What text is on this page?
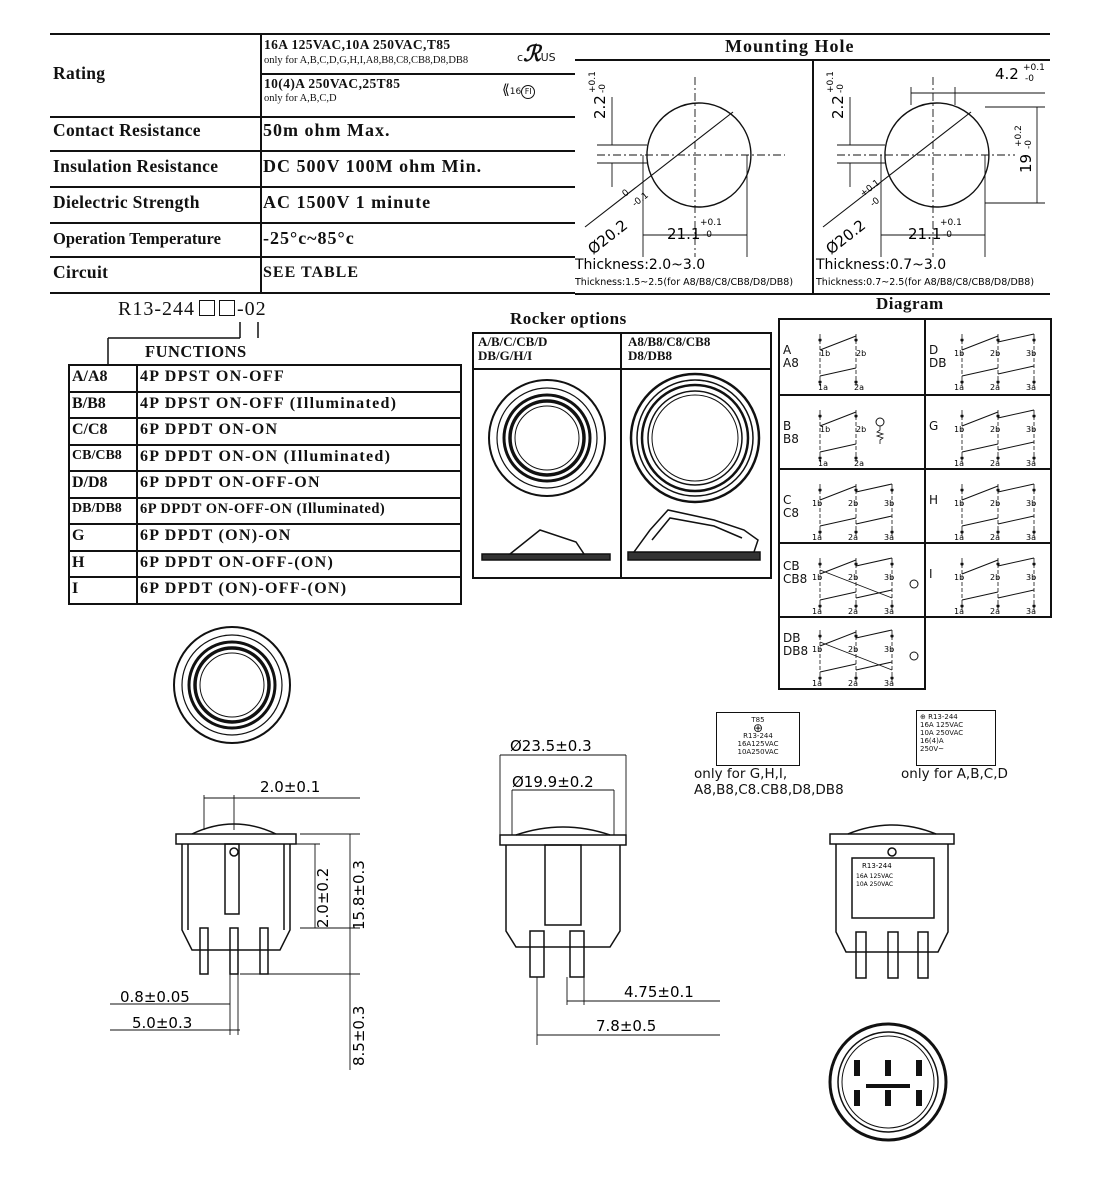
Rating
16A 125VAC,10A 250VAC,T85
only for A,B,C,D,G,H,I,A8,B8,C8,CB8,D8,DB8	cℛUS
10(4)A 250VAC,25T85
only for A,B,C,D
⟪16 FI
Contact Resistance	50m ohm Max.
Insulation Resistance DC 500V 100M ohm Min.
Dielectric Strength	AC 1500V 1 minute
Operation Temperature -25°c~85°c
Circuit	SEE TABLE
Mounting Hole
2.2
+0.1 -0
Ø20.2
0 -0.1
21.1
+0.1
-0
Thickness:2.0~3.0
Thickness:1.5~2.5(for A8/B8/C8/CB8/D8/DB8)
2.2
+0.1 -0
4.2 +0.1
-0
19
+0.2 -0
Ø20.2
+0.1
-0
21.1
+0.1
-0
Thickness:0.7~3.0
Thickness:0.7~2.5(for A8/B8/C8/CB8/D8/DB8)
R13-244 -02
FUNCTIONS
A/A8 4P DPST ON-OFF
B/B8 4P DPST ON-OFF (Illuminated)
C/C8 6P DPDT ON-ON
CB/CB8 6P DPDT ON-ON (Illuminated)
D/D8 6P DPDT ON-OFF-ON
DB/DB8 6P DPDT ON-OFF-ON (Illuminated)
G	6P DPDT (ON)-ON
H	6P DPDT ON-OFF-(ON)
I	6P DPDT (ON)-OFF-(ON)
Rocker options
A/B/C/CB/D
DB/G/H/I
A8/B8/C8/CB8
D8/DB8
Diagram
A
A8
D
DB
B
B8
G
C
C8
H
CB
CB8	I
DB
DB8
1b	2b
1a	2a
1b	2b	3b
1a	2a	3a
1b	2b
1a	2a
1b	2b	3b
1a	2a	3a
1b	2b	3b
1a	2a	3a
1b	2b	3b
1a	2a	3a
1b	2b	3b
1a	2a	3a
1b	2b	3b
1a	2a	3a
1b	2b	3b
1a	2a	3a
T85
⊕
R13-244
16A125VAC
10A250VAC
only for G,H,I,
A8,B8,C8.CB8,D8,DB8
⊕ R13-244
16A 125VAC
10A 250VAC
16(4)A
250V~
only for A,B,C,D
2.0±0.1
15.8±0.3
2.0±0.2
0.8±0.05
5.0±0.3	8.5±0.3
Ø23.5±0.3
Ø19.9±0.2
4.75±0.1
7.8±0.5
R13-244
16A 125VAC
10A 250VAC
